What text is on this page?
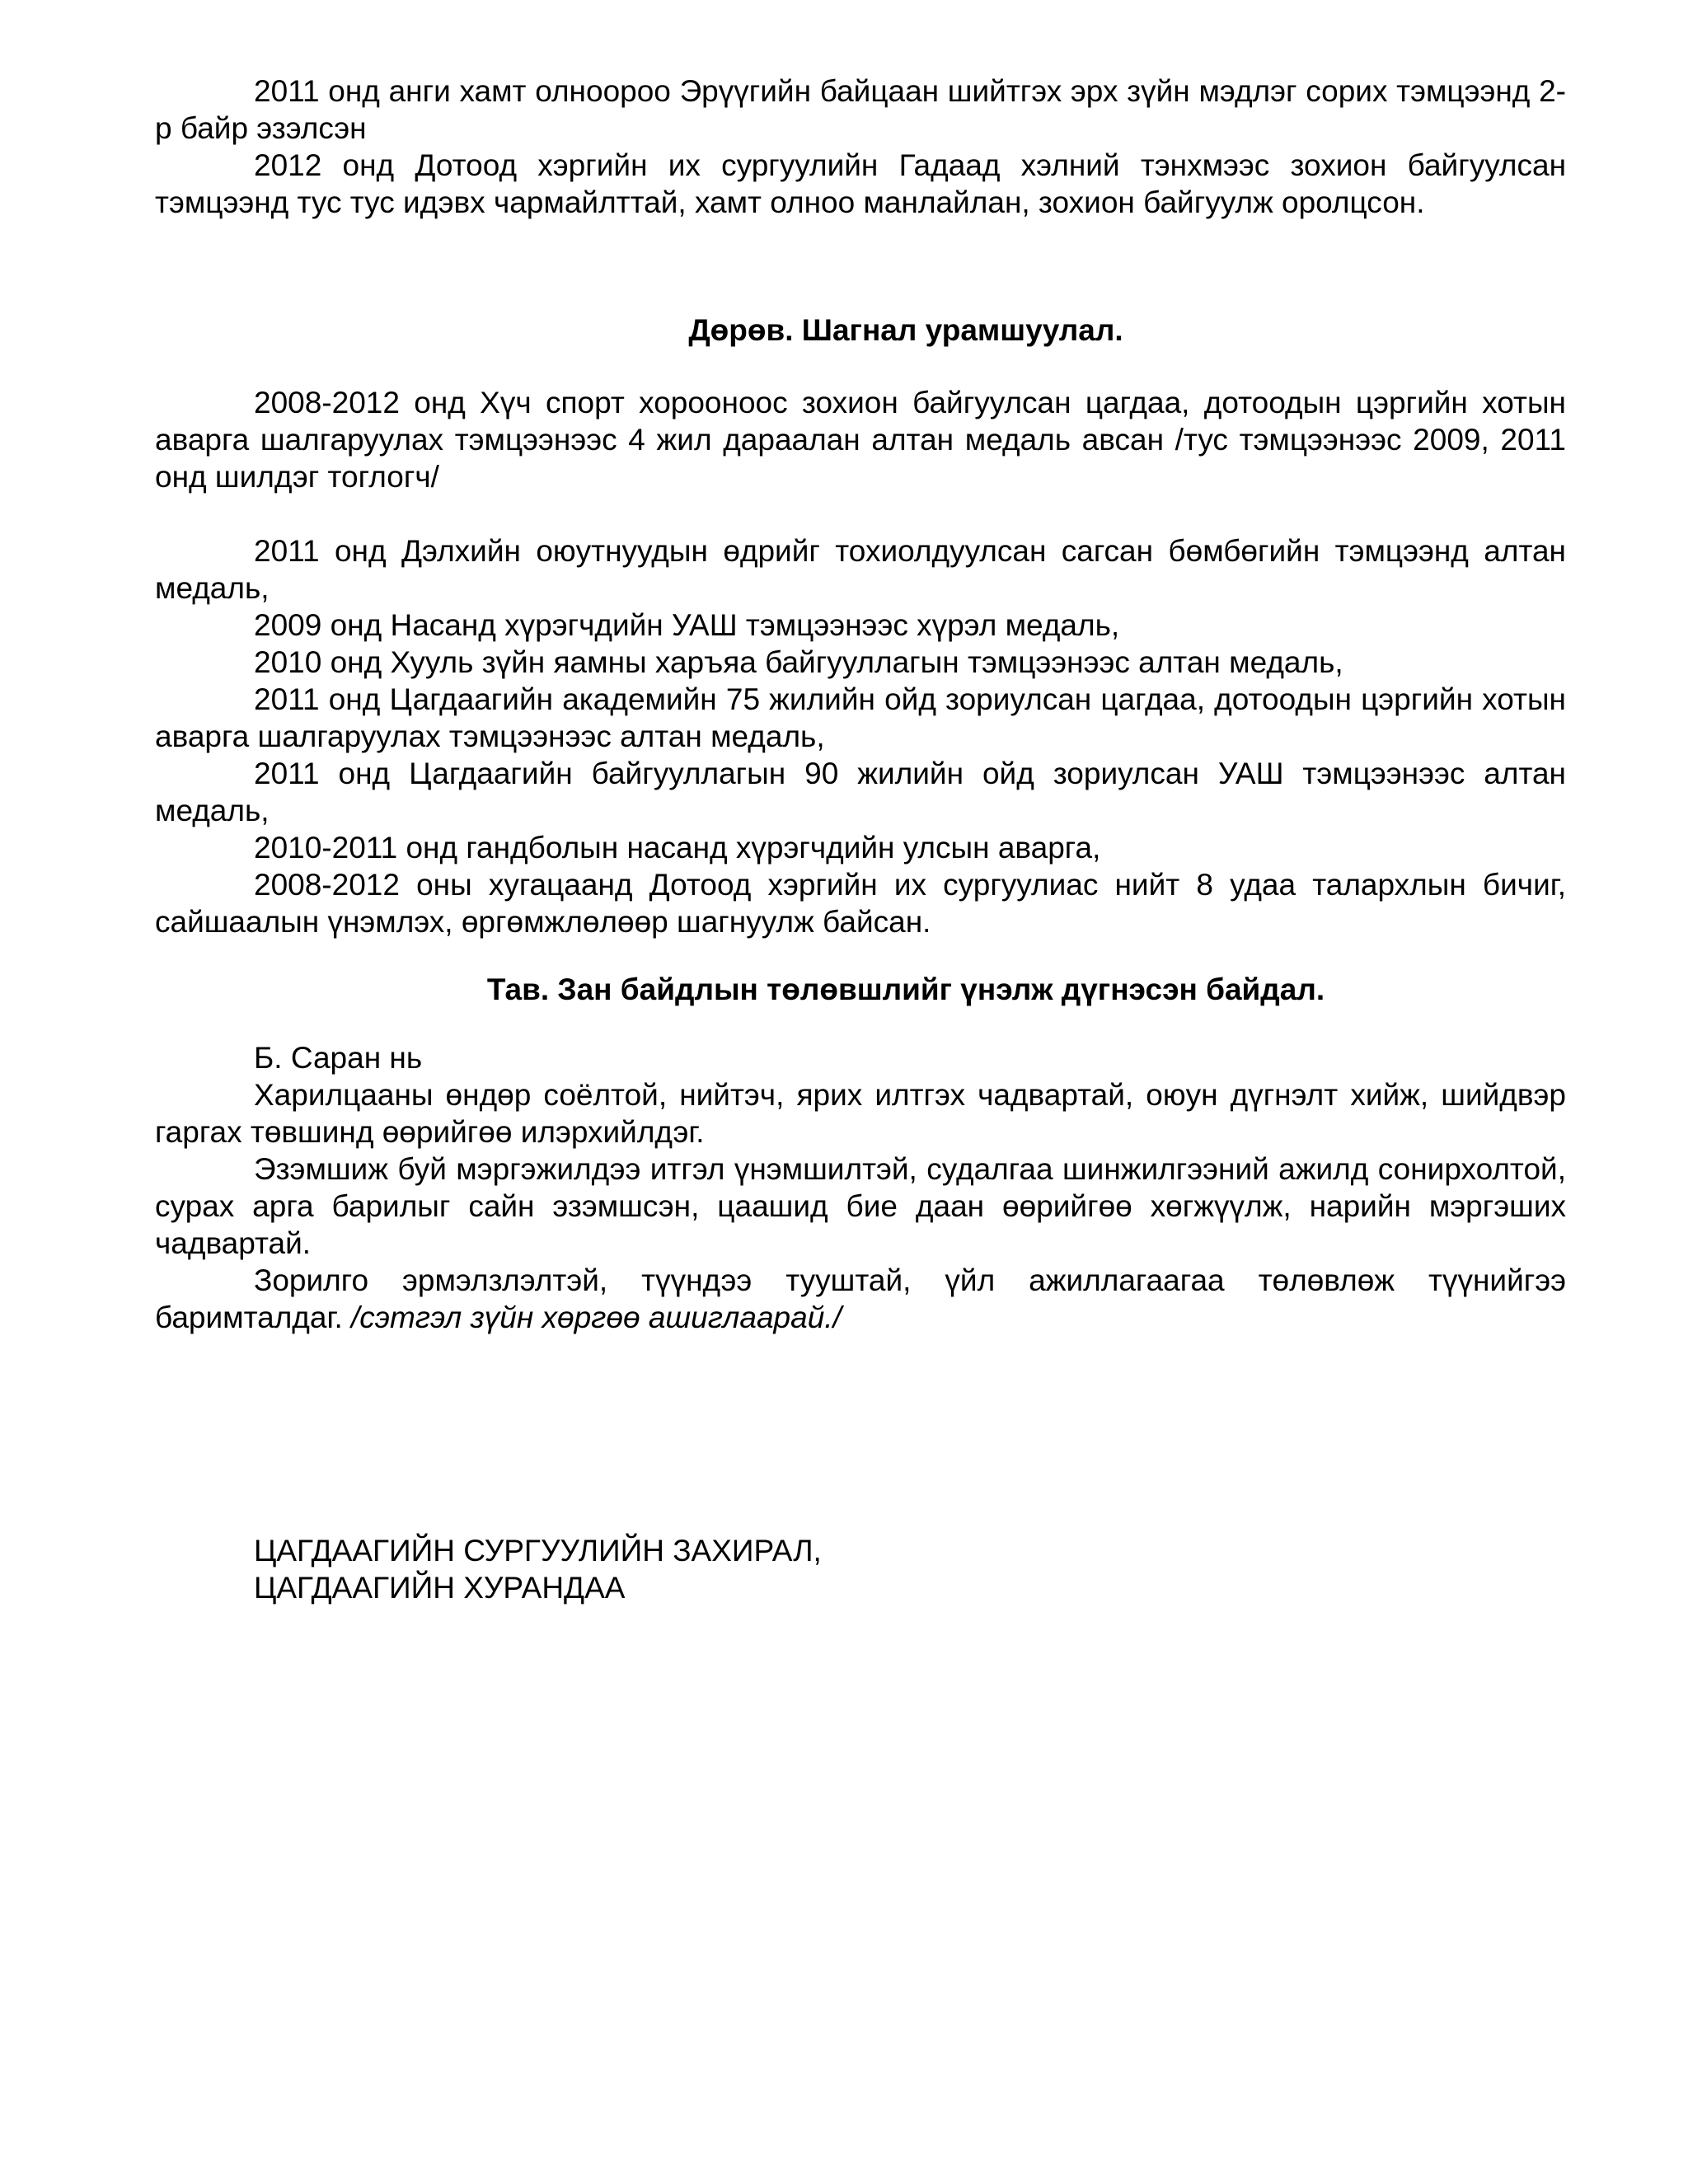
2011 онд анги хамт олноороо Эрүүгийн байцаан шийтгэх эрх зүйн мэдлэг сорих тэмцээнд 2-р байр эзэлсэн

2012 онд Дотоод хэргийн их сургуулийн Гадаад хэлний тэнхмээс зохион байгуулсан тэмцээнд тус тус идэвх чармайлттай, хамт олноо манлайлан, зохион байгуулж оролцсон.

Дөрөв. Шагнал урамшуулал.

2008-2012 онд Хүч спорт хорооноос зохион байгуулсан цагдаа, дотоодын цэргийн хотын аварга шалгаруулах тэмцээнээс 4 жил дараалан алтан медаль авсан /тус тэмцээнээс 2009, 2011 онд шилдэг тоглогч/

2011 онд Дэлхийн оюутнуудын өдрийг тохиолдуулсан сагсан бөмбөгийн тэмцээнд алтан медаль,

2009 онд Насанд хүрэгчдийн УАШ тэмцээнээс хүрэл медаль,

2010 онд Хууль зүйн яамны харъяа байгууллагын тэмцээнээс алтан медаль,

2011 онд Цагдаагийн академийн 75 жилийн ойд зориулсан цагдаа, дотоодын цэргийн хотын аварга шалгаруулах тэмцээнээс алтан медаль,

2011 онд Цагдаагийн байгууллагын 90 жилийн ойд зориулсан УАШ тэмцээнээс алтан медаль,

2010-2011 онд гандболын насанд хүрэгчдийн улсын аварга,

2008-2012 оны хугацаанд Дотоод хэргийн их сургуулиас нийт 8 удаа талархлын бичиг, сайшаалын үнэмлэх, өргөмжлөлөөр шагнуулж байсан.

Тав. Зан байдлын төлөвшлийг үнэлж дүгнэсэн байдал.

Б. Саран нь

Харилцааны өндөр соёлтой, нийтэч, ярих илтгэх чадвартай, оюун дүгнэлт хийж, шийдвэр гаргах төвшинд өөрийгөө илэрхийлдэг.

Эзэмшиж буй мэргэжилдээ итгэл үнэмшилтэй, судалгаа шинжилгээний ажилд сонирхолтой, сурах арга барилыг сайн эзэмшсэн, цаашид бие даан өөрийгөө хөгжүүлж, нарийн мэргэших чадвартай.

Зорилго эрмэлзлэлтэй, түүндээ тууштай, үйл ажиллагаагаа төлөвлөж түүнийгээ баримталдаг. /сэтгэл зүйн хөргөө ашиглаарай./

ЦАГДААГИЙН СУРГУУЛИЙН ЗАХИРАЛ,
ЦАГДААГИЙН ХУРАНДАА
